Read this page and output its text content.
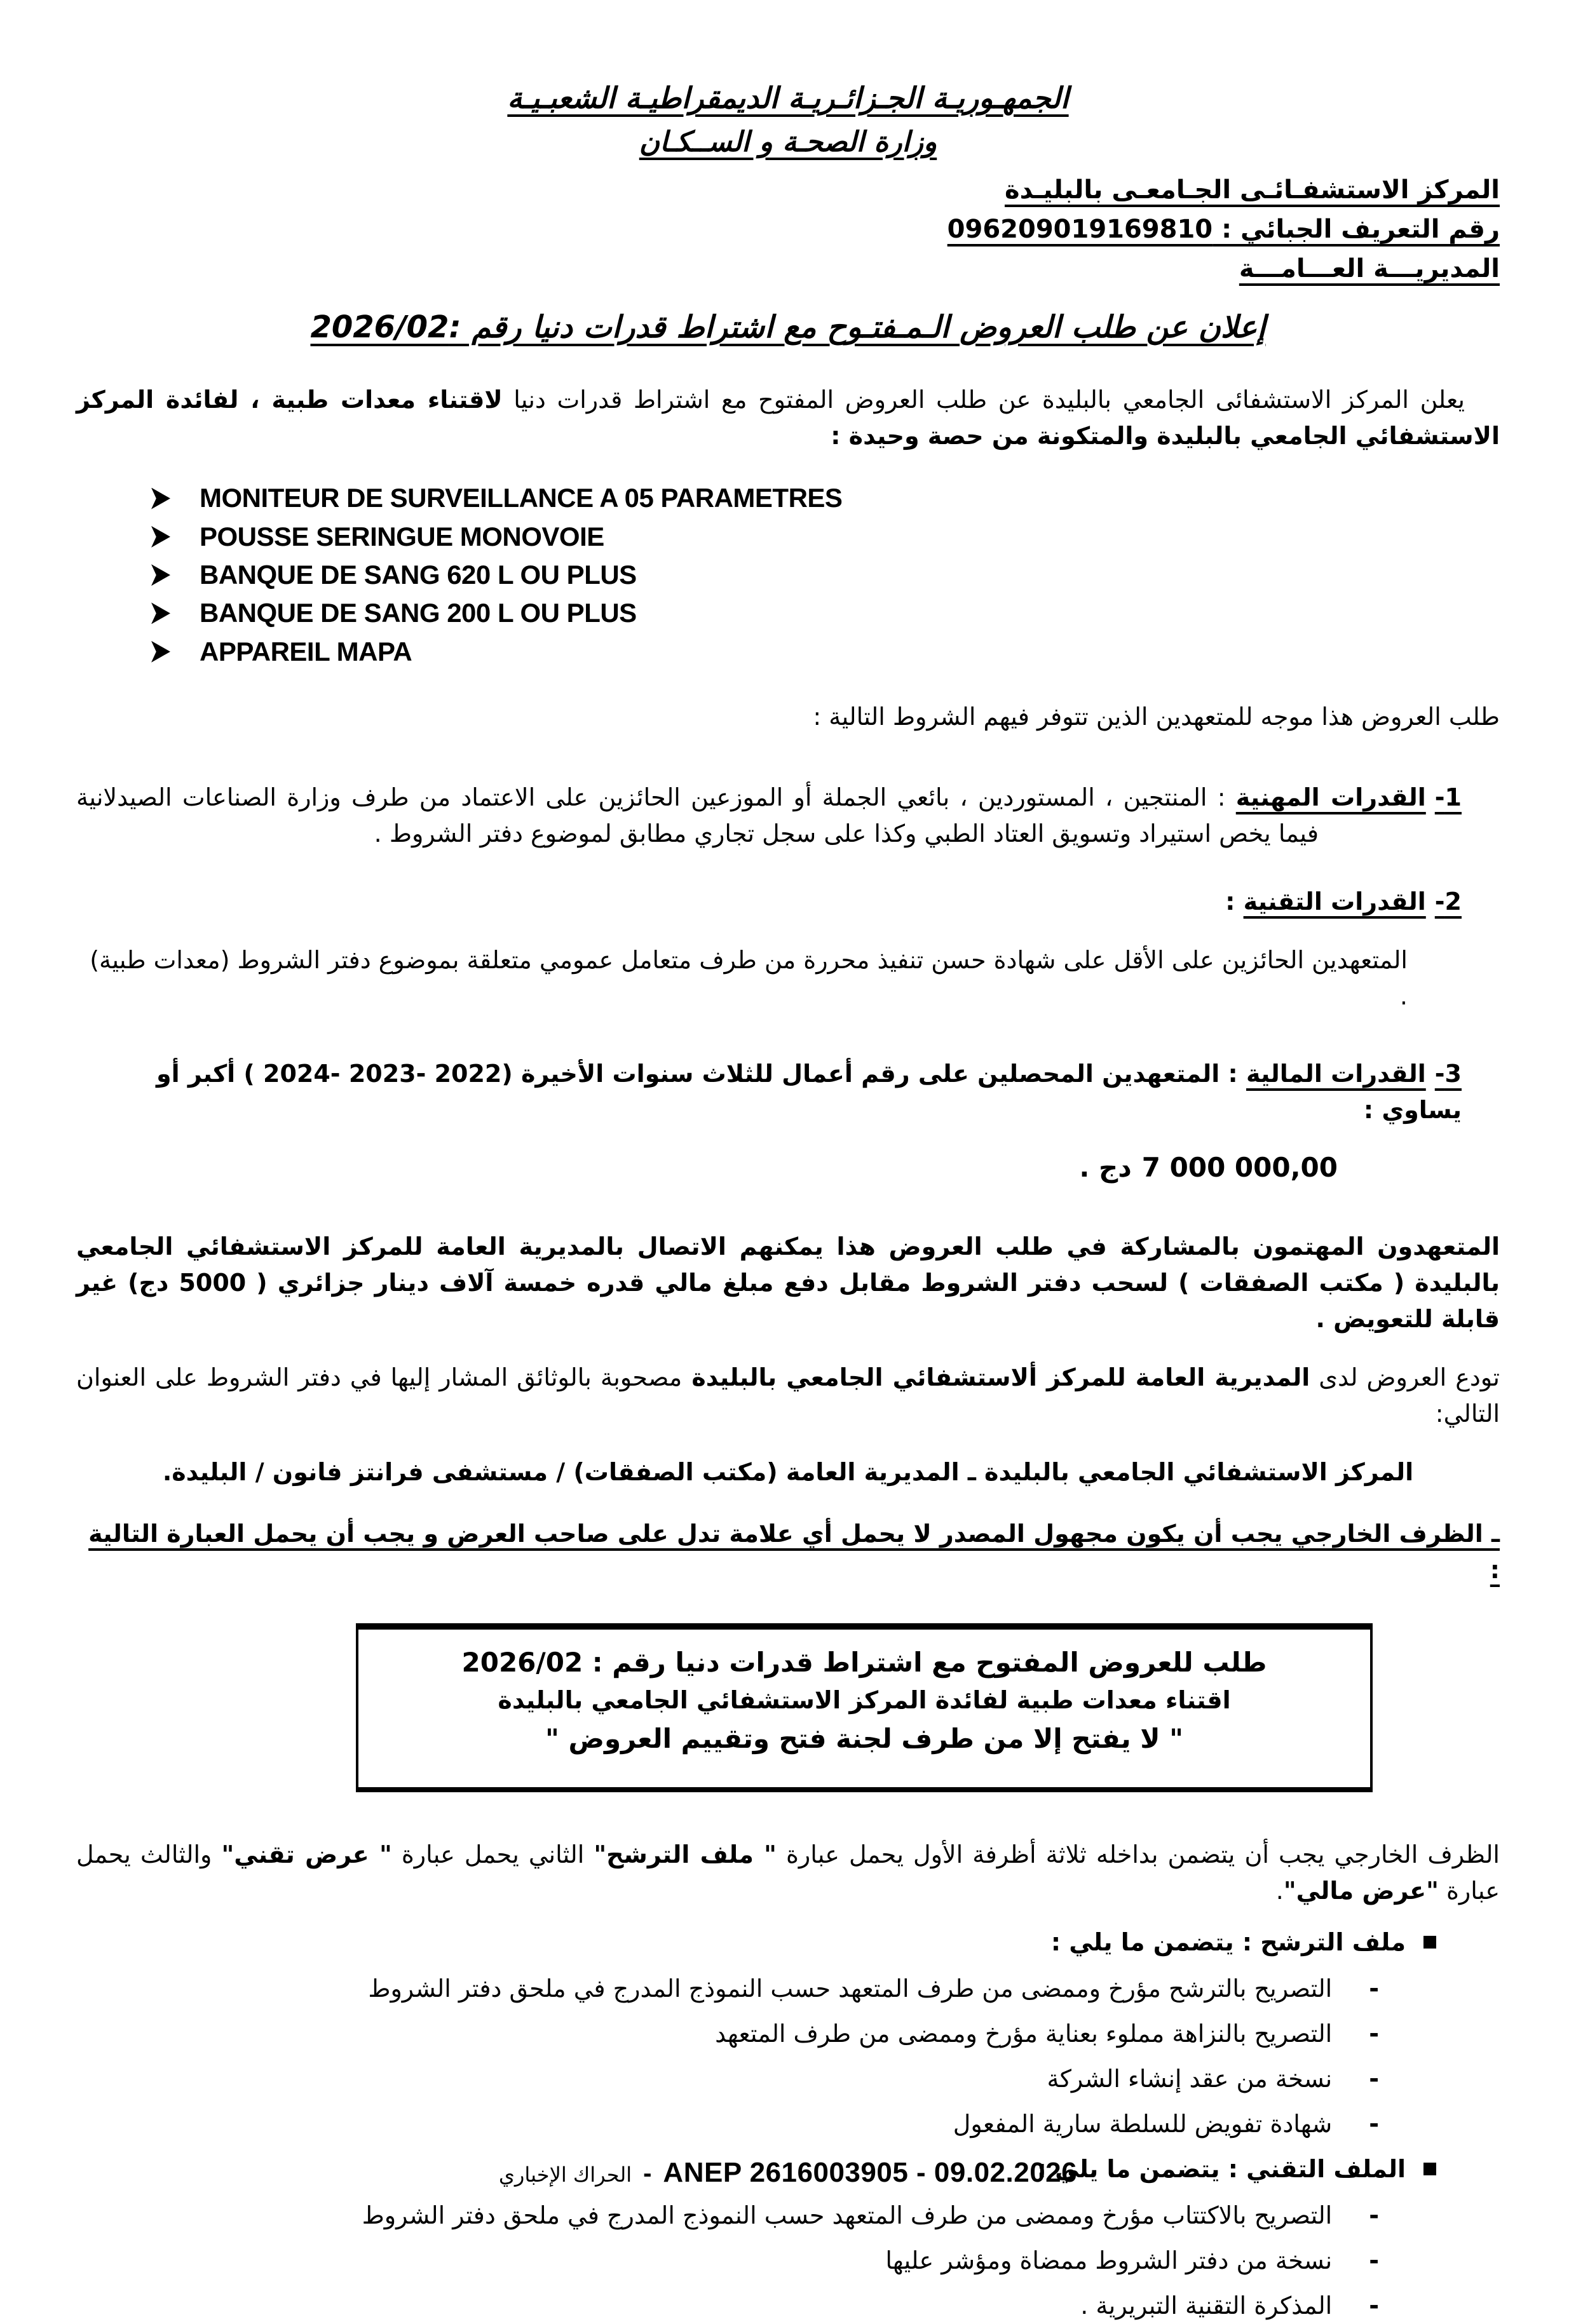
الجمهـوريـة الجـزائـريـة الديمقراطيـة الشعبـيـة
وزارة الصحـة و الســكـان
المركز الاستشفـائـى الجـامعـى بالبليـدة
رقم التعريف الجبائي : 096209019169810
المديريـــة العـــامـــة
إعلان عن طلب العروض الـمـفتـوح مع اشتراط قدرات دنيا رقم :2026/02

يعلن المركز الاستشفائى الجامعي بالبليدة عن طلب العروض المفتوح مع اشتراط قدرات دنيا لاقتناء معدات طبية ، لفائدة المركز الاستشفائي الجامعي بالبليدة والمتكونة من حصة وحيدة :

MONITEUR DE SURVEILLANCE A 05 PARAMETRES
POUSSE SERINGUE MONOVOIE
BANQUE DE SANG 620 L OU PLUS
BANQUE DE SANG 200 L OU PLUS
APPAREIL MAPA

طلب العروض هذا موجه للمتعهدين الذين تتوفر فيهم الشروط التالية :

1-القدرات المهنية : المنتجين ، المستوردين ، بائعي الجملة أو الموزعين الحائزين على الاعتماد من طرف وزارة الصناعات الصيدلانية فيما يخص استيراد وتسويق العتاد الطبي وكذا على سجل تجاري مطابق لموضوع دفتر الشروط .

2-القدرات التقنية :

المتعهدين الحائزين على الأقل على شهادة حسن تنفيذ محررة من طرف متعامل عمومي متعلقة بموضوع دفتر الشروط (معدات طبية) .

3-القدرات المالية : المتعهدين المحصلين على رقم أعمال للثلاث سنوات الأخيرة (2022 -2023 -2024 ) أكبر أو يساوي :

7 000 000,00دج .

المتعهدون المهتمون بالمشاركة في طلب العروض هذا يمكنهم الاتصال بالمديرية العامة للمركز الاستشفائي الجامعي بالبليدة ( مكتب الصفقات ) لسحب دفتر الشروط مقابل دفع مبلغ مالي قدره خمسة آلاف دينار جزائري ( 5000 دج) غير قابلة للتعويض .

تودع العروض لدى المديرية العامة للمركز ألاستشفائي الجامعي بالبليدة مصحوبة بالوثائق المشار إليها في دفتر الشروط على العنوان التالي:

المركز الاستشفائي الجامعي بالبليدة ـ المديرية العامة (مكتب الصفقات) / مستشفى فرانتز فانون / البليدة.

ـ الظرف الخارجي يجب أن يكون مجهول المصدر لا يحمل أي علامة تدل على صاحب العرض و يجب أن يحمل العبارة التالية :

طلب للعروض المفتوح مع اشتراط قدرات دنيا رقم : 2026/02
اقتناء معدات طبية لفائدة المركز الاستشفائي الجامعي بالبليدة
" لا يفتح إلا من طرف لجنة فتح وتقييم العروض "

الظرف الخارجي يجب أن يتضمن بداخله ثلاثة أظرفة الأول يحمل عبارة " ملف الترشح" الثاني يحمل عبارة " عرض تقني" والثالث يحمل عبارة "عرض مالي".

ملف الترشح : يتضمن ما يلي :
-
التصريح بالترشح مؤرخ وممضى من طرف المتعهد حسب النموذج المدرج في ملحق دفتر الشروط
-
التصريح بالنزاهة مملوء بعناية مؤرخ وممضى من طرف المتعهد
-
نسخة من عقد إنشاء الشركة
-
شهادة تفويض للسلطة سارية المفعول
الملف التقني : يتضمن ما يلي :
-
التصريح بالاكتتاب مؤرخ وممضى من طرف المتعهد حسب النموذج المدرج في ملحق دفتر الشروط
-
نسخة من دفتر الشروط ممضاة ومؤشر عليها
-
المذكرة التقنية التبريرية .
الحراك الإخباري - ANEP 2616003905 - 09.02.2026
